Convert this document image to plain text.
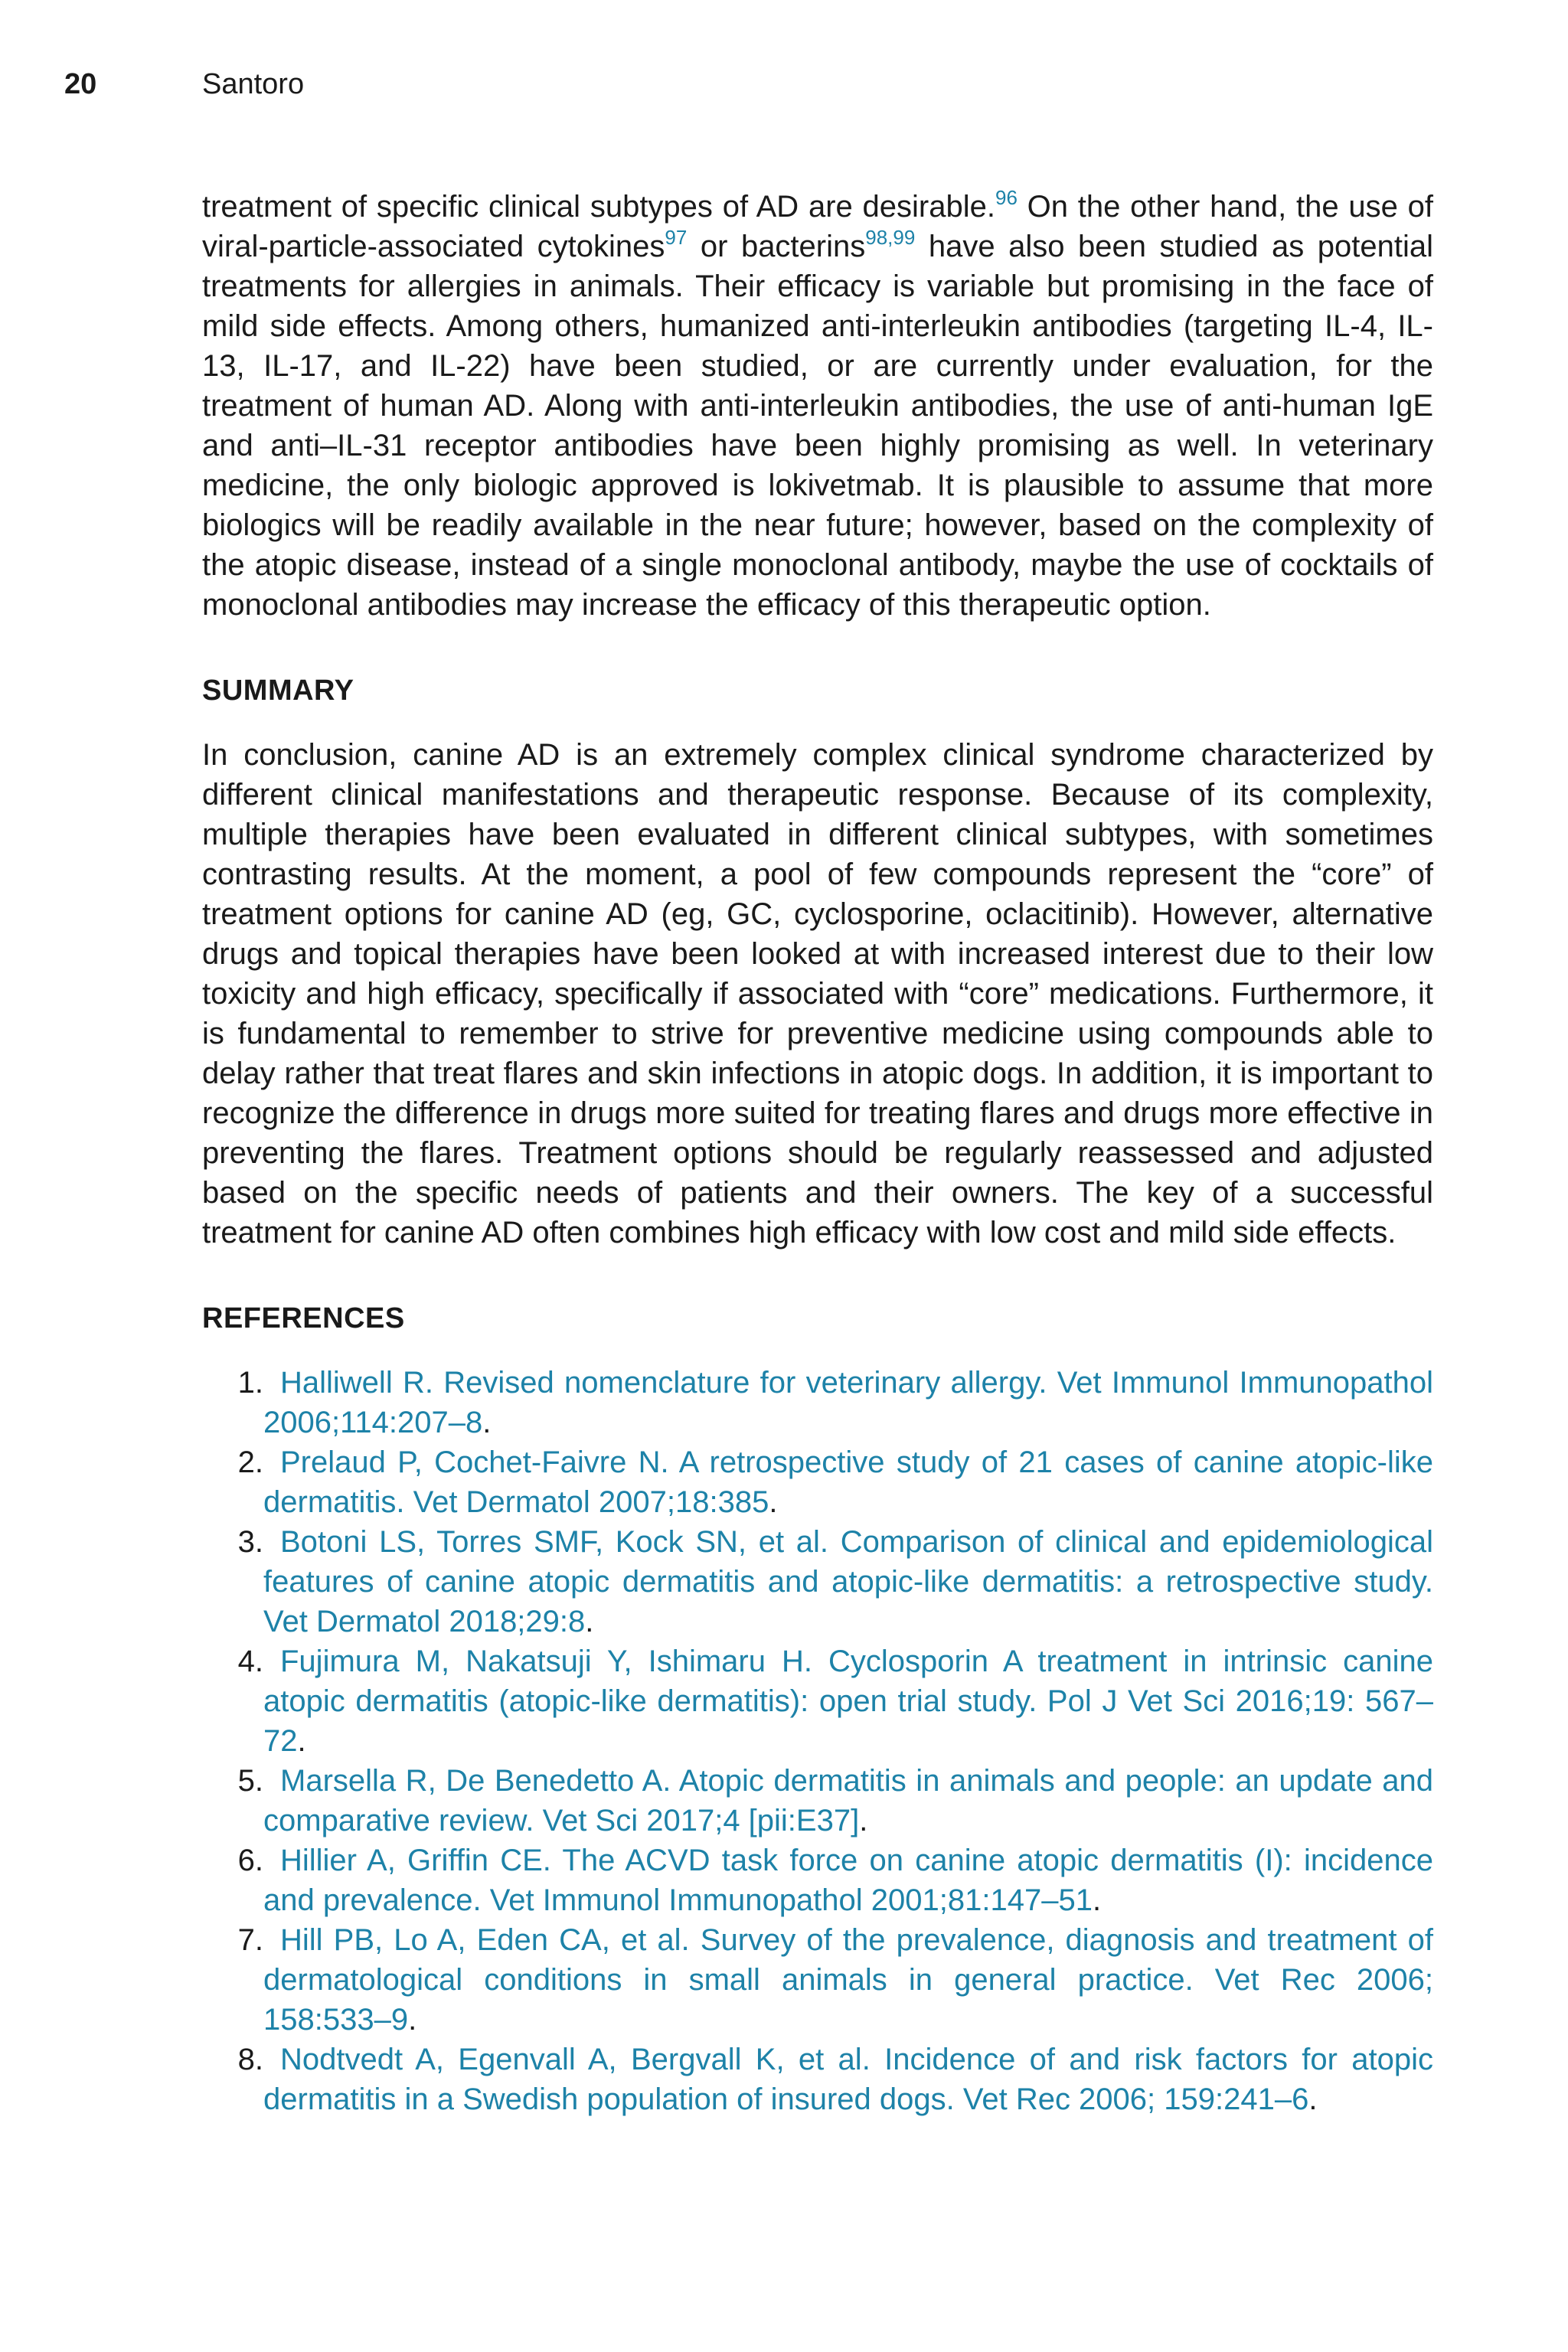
20	Santoro

treatment of specific clinical subtypes of AD are desirable.$^{96}$ On the other hand, the use of viral-particle-associated cytokines$^{97}$ or bacterins$^{98,99}$ have also been studied as potential treatments for allergies in animals. Their efficacy is variable but promising in the face of mild side effects. Among others, humanized anti-interleukin antibodies (targeting IL-4, IL-13, IL-17, and IL-22) have been studied, or are currently under evaluation, for the treatment of human AD. Along with anti-interleukin antibodies, the use of anti-human IgE and anti–IL-31 receptor antibodies have been highly promising as well. In veterinary medicine, the only biologic approved is lokivetmab. It is plausible to assume that more biologics will be readily available in the near future; however, based on the complexity of the atopic disease, instead of a single monoclonal antibody, maybe the use of cocktails of monoclonal antibodies may increase the efficacy of this therapeutic option.

SUMMARY

In conclusion, canine AD is an extremely complex clinical syndrome characterized by different clinical manifestations and therapeutic response. Because of its complexity, multiple therapies have been evaluated in different clinical subtypes, with sometimes contrasting results. At the moment, a pool of few compounds represent the “core” of treatment options for canine AD (eg, GC, cyclosporine, oclacitinib). However, alternative drugs and topical therapies have been looked at with increased interest due to their low toxicity and high efficacy, specifically if associated with “core” medications. Furthermore, it is fundamental to remember to strive for preventive medicine using compounds able to delay rather that treat flares and skin infections in atopic dogs. In addition, it is important to recognize the difference in drugs more suited for treating flares and drugs more effective in preventing the flares. Treatment options should be regularly reassessed and adjusted based on the specific needs of patients and their owners. The key of a successful treatment for canine AD often combines high efficacy with low cost and mild side effects.

REFERENCES
1. Halliwell R. Revised nomenclature for veterinary allergy. Vet Immunol Immunopathol 2006;114:207–8.
2. Prelaud P, Cochet-Faivre N. A retrospective study of 21 cases of canine atopic-like dermatitis. Vet Dermatol 2007;18:385.
3. Botoni LS, Torres SMF, Kock SN, et al. Comparison of clinical and epidemiological features of canine atopic dermatitis and atopic-like dermatitis: a retrospective study. Vet Dermatol 2018;29:8.
4. Fujimura M, Nakatsuji Y, Ishimaru H. Cyclosporin A treatment in intrinsic canine atopic dermatitis (atopic-like dermatitis): open trial study. Pol J Vet Sci 2016;19: 567–72.
5. Marsella R, De Benedetto A. Atopic dermatitis in animals and people: an update and comparative review. Vet Sci 2017;4 [pii:E37].
6. Hillier A, Griffin CE. The ACVD task force on canine atopic dermatitis (I): incidence and prevalence. Vet Immunol Immunopathol 2001;81:147–51.
7. Hill PB, Lo A, Eden CA, et al. Survey of the prevalence, diagnosis and treatment of dermatological conditions in small animals in general practice. Vet Rec 2006; 158:533–9.
8. Nodtvedt A, Egenvall A, Bergvall K, et al. Incidence of and risk factors for atopic dermatitis in a Swedish population of insured dogs. Vet Rec 2006; 159:241–6.
